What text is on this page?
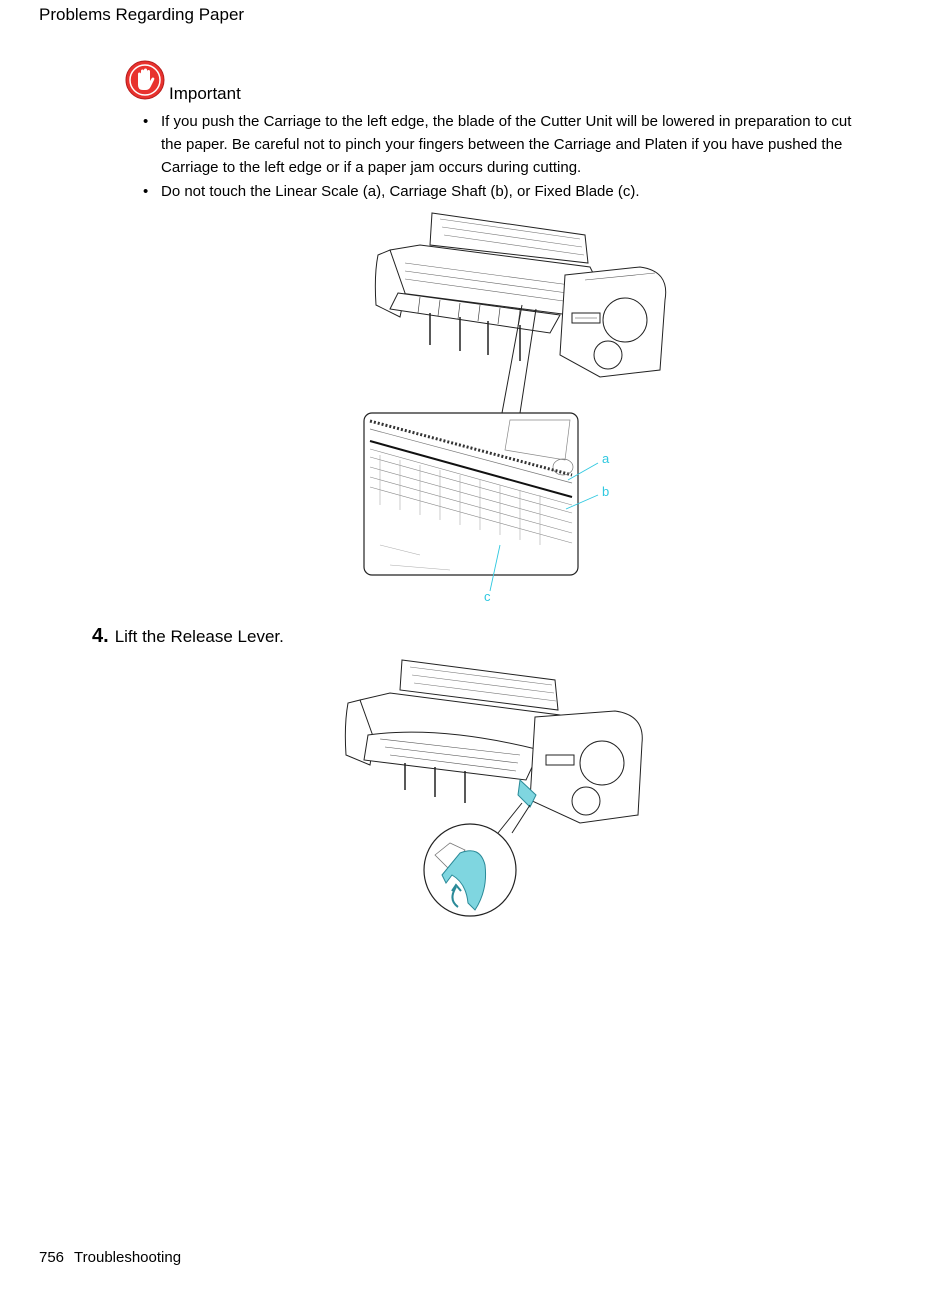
Problems Regarding Paper
Important
• If you push the Carriage to the left edge, the blade of the Cutter Unit will be lowered in preparation to cut the paper. Be careful not to pinch your fingers between the Carriage and Platen if you have pushed the Carriage to the left edge or if a paper jam occurs during cutting.
• Do not touch the Linear Scale (a), Carriage Shaft (b), or Fixed Blade (c).
a
b
c
4. Lift the Release Lever.
756 Troubleshooting
